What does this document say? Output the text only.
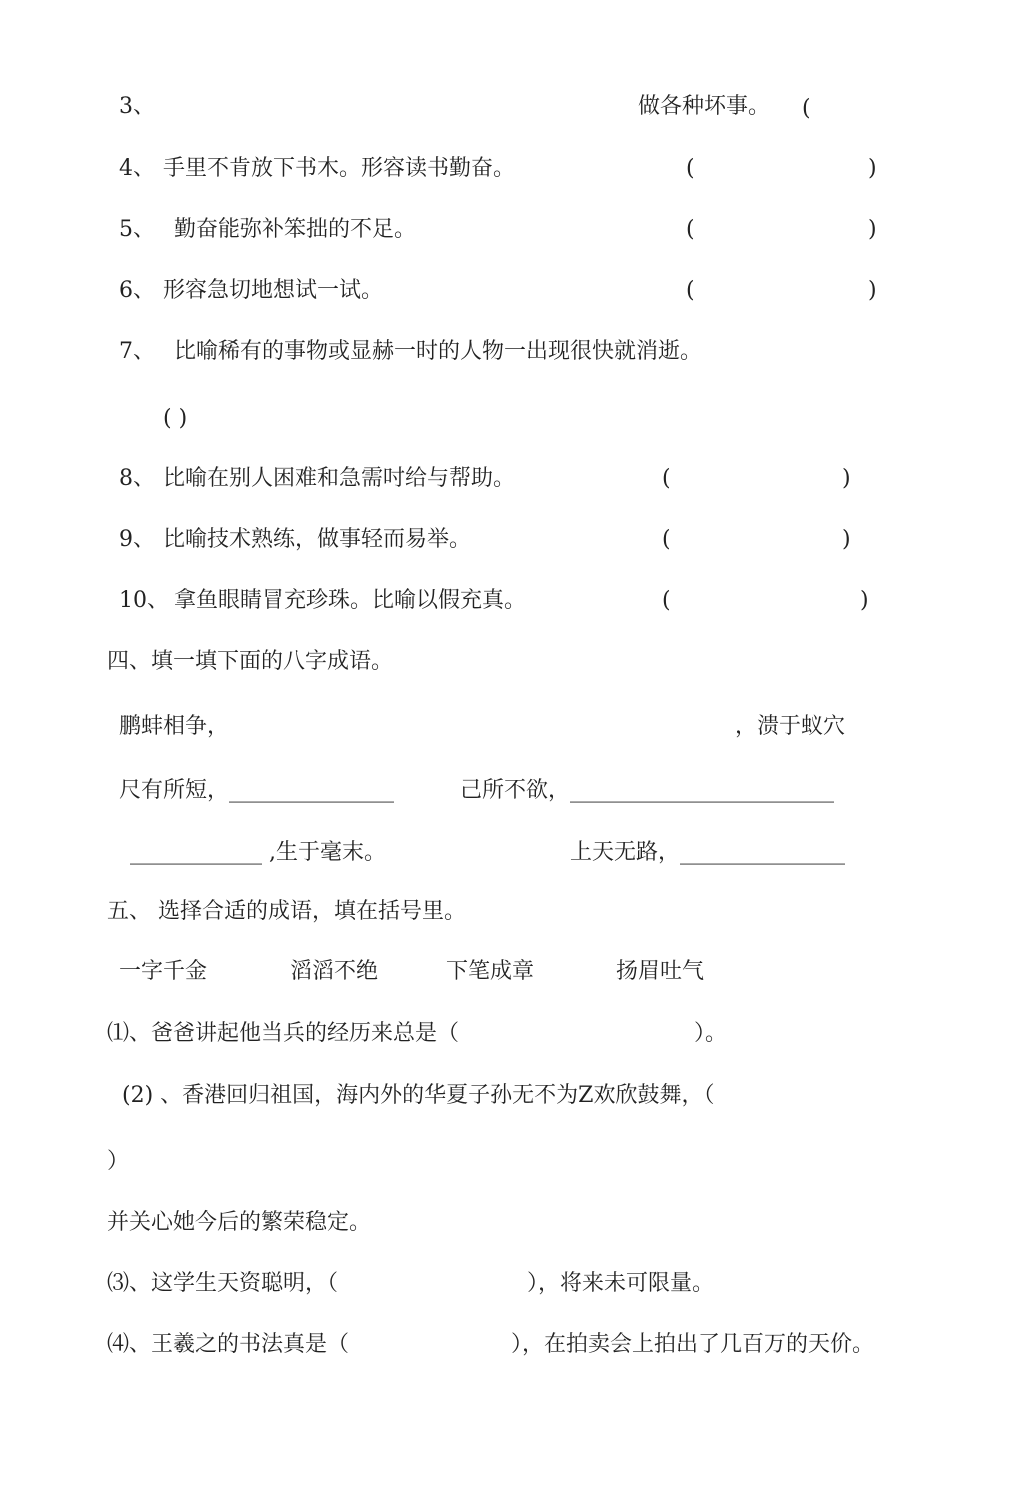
3、	做各种坏事。 (
4、 手里不肯放下书木。形容读书勤奋。	(	)
5、 勤奋能弥补笨拙的不足。	(	)
6、 形容急切地想试一试。	(	)
7、 比喻稀有的事物或显赫一时的人物一出现很快就消逝。
( )
8、 比喻在别人困难和急需吋给与帮助。	(	)
9、 比喻技术熟练，做事轻而易举。	(	)
10、 拿鱼眼睛冒充珍珠。比喻以假充真。	(	)
四、填一填下面的八字成语。
鹏蚌相争，	，溃于蚁穴
尺有所短，_______________	己所不欲，________________________
____________ ,生于毫末。	上天无路，_______________
五、 选择合适的成语，填在括号里。
一字千金	滔滔不绝	下笔成章	扬眉吐气
⑴、爸爸讲起他当兵的经历来总是（	）。
(2) 、香港回归祖国，海内外的华夏子孙无不为Z欢欣鼓舞，（
）
并关心她今后的繁荣稳定。
⑶、这学生天资聪明，（	），将来未可限量。
⑷、王羲之的书法真是（	），在拍卖会上拍出了几百万的天价。
